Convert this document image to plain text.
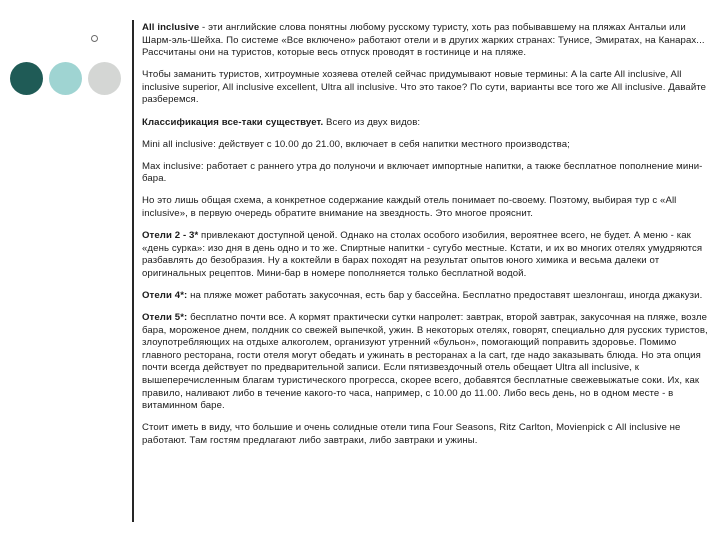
All inclusive - эти английские слова понятны любому русскому туристу, хоть раз побывавшему на пляжах Антальи или Шарм-эль-Шейха. По системе «Все включено» работают отели и в других жарких странах: Тунисе, Эмиратах, на Канарах... Рассчитаны они на туристов, которые весь отпуск проводят в гостинице и на пляже.

Чтобы заманить туристов, хитроумные хозяева отелей сейчас придумывают новые термины: A la carte All inclusive, All inclusive superior, All inclusive excellent, Ultra all inclusive. Что это такое? По сути, варианты все того же All inclusive. Давайте разберемся.

Классификация все-таки существует. Всего из двух видов:

Mini all inclusive: действует с 10.00 до 21.00, включает в себя напитки местного производства;

Max inclusive: работает с раннего утра до полуночи и включает импортные напитки, а также бесплатное пополнение мини-бара.

Но это лишь общая схема, а конкретное содержание каждый отель понимает по-своему. Поэтому, выбирая тур с «All inclusive», в первую очередь обратите внимание на звездность. Это многое прояснит.

Отели 2 - 3* привлекают доступной ценой. Однако на столах особого изобилия, вероятнее всего, не будет. А меню - как «день сурка»: изо дня в день одно и то же. Спиртные напитки - сугубо местные. Кстати, и их во многих отелях умудряются разбавлять до безобразия. Ну а коктейли в барах походят на результат опытов юного химика и весьма далеки от оригинальных рецептов. Мини-бар в номере пополняется только бесплатной водой.

Отели 4*: на пляже может работать закусочная, есть бар у бассейна. Бесплатно предоставят шезлонгаш, иногда джакузи.

Отели 5*: бесплатно почти все. А кормят практически сутки напролет: завтрак, второй завтрак, закусочная на пляже, возле бара, мороженое днем, полдник со свежей выпечкой, ужин. В некоторых отелях, говорят, специально для русских туристов, злоупотребляющих на отдыхе алкоголем, организуют утренний «бульон», помогающий поправить здоровье. Помимо главного ресторана, гости отеля могут обедать и ужинать в ресторанах a la cart, где надо заказывать блюда. Но эта опция почти всегда действует по предварительной записи. Если пятизвездочный отель обещает Ultra all inclusive, к вышеперечисленным благам туристического прогресса, скорее всего, добавятся бесплатные свежевыжатые соки. Их, как правило, наливают либо в течение какого-то часа, например, с 10.00 до 11.00. Либо весь день, но в одном месте - в витаминном баре.

Стоит иметь в виду, что большие и очень солидные отели типа Four Seasons, Ritz Carlton, Movienpick с All inclusive не работают. Там гостям предлагают либо завтраки, либо завтраки и ужины.
